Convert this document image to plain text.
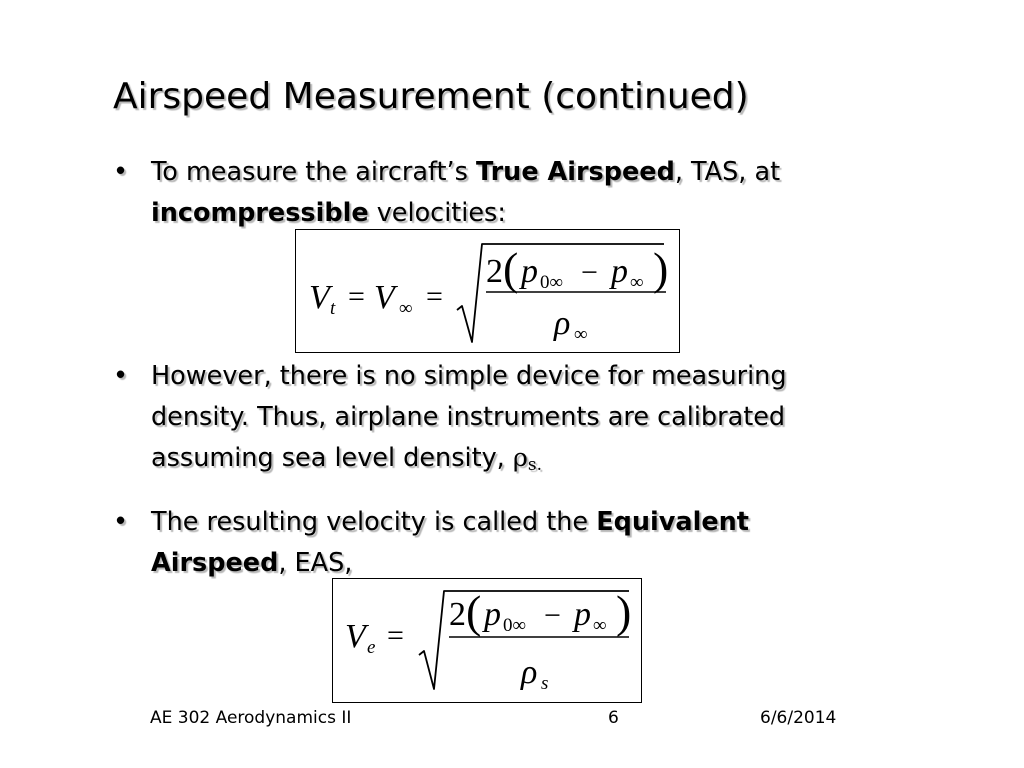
Airspeed Measurement (continued)
• To measure the aircraft’s True Airspeed, TAS, at
incompressible velocities:
V t = V ∞ =
2 ( p 0∞ − p ∞ )
ρ ∞
• However, there is no simple device for measuring
density. Thus, airplane instruments are calibrated
assuming sea level density, $\rho_{s.}$
• The resulting velocity is called the Equivalent
Airspeed, EAS,
V e =
2 ( p 0∞ − p ∞ )
ρ s
AE 302 Aerodynamics II	6	6/6/2014
